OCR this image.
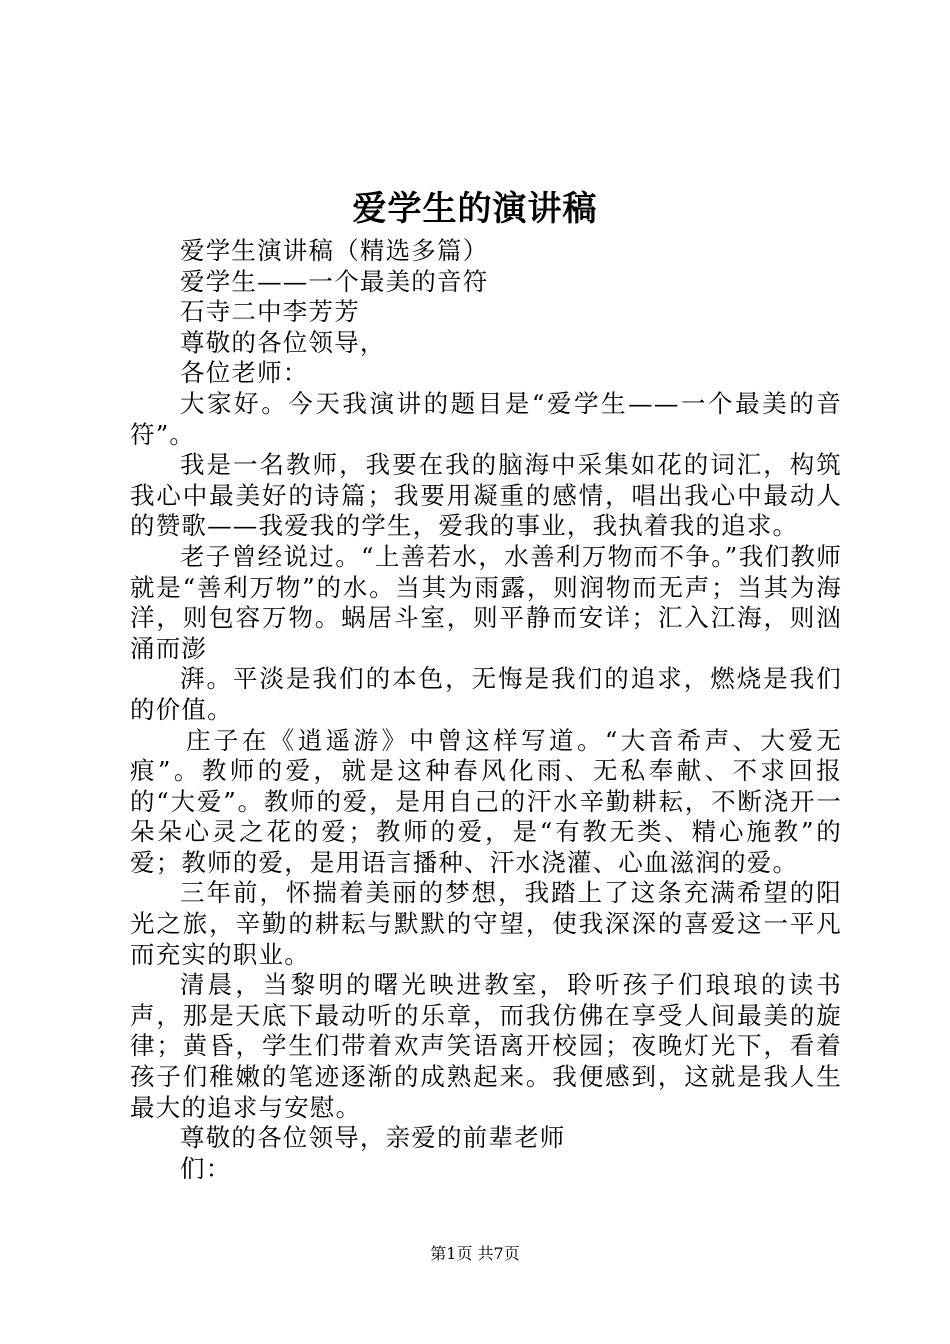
爱学生的演讲稿

爱学生演讲稿（精选多篇）

爱学生——一个最美的音符

石寺二中李芳芳

尊敬的各位领导，

各位老师：

大家好。今天我演讲的题目是“爱学生——一个最美的音符”。

我是一名教师，我要在我的脑海中采集如花的词汇，构筑我心中最美好的诗篇；我要用凝重的感情，唱出我心中最动人的赞歌——我爱我的学生，爱我的事业，我执着我的追求。

老子曾经说过。“上善若水，水善利万物而不争。”我们教师就是“善利万物”的水。当其为雨露，则润物而无声；当其为海洋，则包容万物。蜗居斗室，则平静而安详；汇入江海，则汹涌而澎

湃。平淡是我们的本色，无悔是我们的追求，燃烧是我们的价值。

庄子在《逍遥游》中曾这样写道。“大音希声、大爱无痕”。教师的爱，就是这种春风化雨、无私奉献、不求回报的“大爱”。教师的爱，是用自己的汗水辛勤耕耘，不断浇开一朵朵心灵之花的爱；教师的爱，是“有教无类、精心施教”的爱；教师的爱，是用语言播种、汗水浇灌、心血滋润的爱。

三年前，怀揣着美丽的梦想，我踏上了这条充满希望的阳光之旅，辛勤的耕耘与默默的守望，使我深深的喜爱这一平凡而充实的职业。

清晨，当黎明的曙光映进教室，聆听孩子们琅琅的读书声，那是天底下最动听的乐章，而我仿佛在享受人间最美的旋律；黄昏，学生们带着欢声笑语离开校园；夜晚灯光下，看着孩子们稚嫩的笔迹逐渐的成熟起来。我便感到，这就是我人生最大的追求与安慰。

尊敬的各位领导，亲爱的前辈老师

们：

第1页 共7页
